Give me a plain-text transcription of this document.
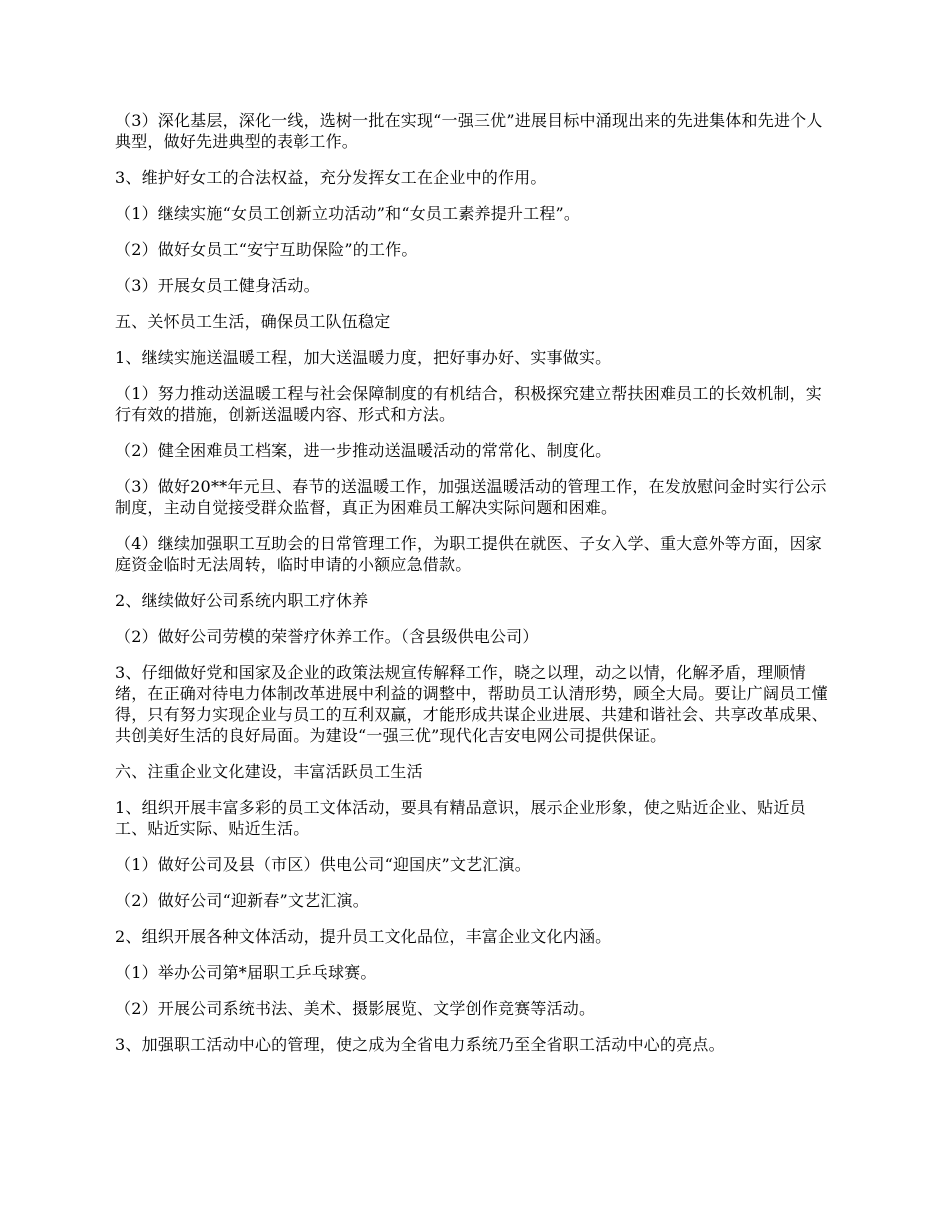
（3）深化基层，深化一线，选树一批在实现“一强三优”进展目标中涌现出来的先进集体和先进个人典型，做好先进典型的表彰工作。

3、维护好女工的合法权益，充分发挥女工在企业中的作用。

（1）继续实施“女员工创新立功活动”和“女员工素养提升工程”。

（2）做好女员工“安宁互助保险”的工作。

（3）开展女员工健身活动。

五、关怀员工生活，确保员工队伍稳定

1、继续实施送温暖工程，加大送温暖力度，把好事办好、实事做实。

（1）努力推动送温暖工程与社会保障制度的有机结合，积极探究建立帮扶困难员工的长效机制，实行有效的措施，创新送温暖内容、形式和方法。

（2）健全困难员工档案，进一步推动送温暖活动的常常化、制度化。

（3）做好20**年元旦、春节的送温暖工作，加强送温暖活动的管理工作，在发放慰问金时实行公示制度，主动自觉接受群众监督，真正为困难员工解决实际问题和困难。

（4）继续加强职工互助会的日常管理工作，为职工提供在就医、子女入学、重大意外等方面，因家庭资金临时无法周转，临时申请的小额应急借款。

2、继续做好公司系统内职工疗休养

（2）做好公司劳模的荣誉疗休养工作。（含县级供电公司）

3、仔细做好党和国家及企业的政策法规宣传解释工作，晓之以理，动之以情，化解矛盾，理顺情绪，在正确对待电力体制改革进展中利益的调整中，帮助员工认清形势，顾全大局。要让广阔员工懂得，只有努力实现企业与员工的互利双赢，才能形成共谋企业进展、共建和谐社会、共享改革成果、共创美好生活的良好局面。为建设“一强三优”现代化吉安电网公司提供保证。

六、注重企业文化建设，丰富活跃员工生活

1、组织开展丰富多彩的员工文体活动，要具有精品意识，展示企业形象，使之贴近企业、贴近员工、贴近实际、贴近生活。

（1）做好公司及县（市区）供电公司“迎国庆”文艺汇演。

（2）做好公司“迎新春”文艺汇演。

2、组织开展各种文体活动，提升员工文化品位，丰富企业文化内涵。

（1）举办公司第*届职工乒乓球赛。

（2）开展公司系统书法、美术、摄影展览、文学创作竞赛等活动。

3、加强职工活动中心的管理，使之成为全省电力系统乃至全省职工活动中心的亮点。
